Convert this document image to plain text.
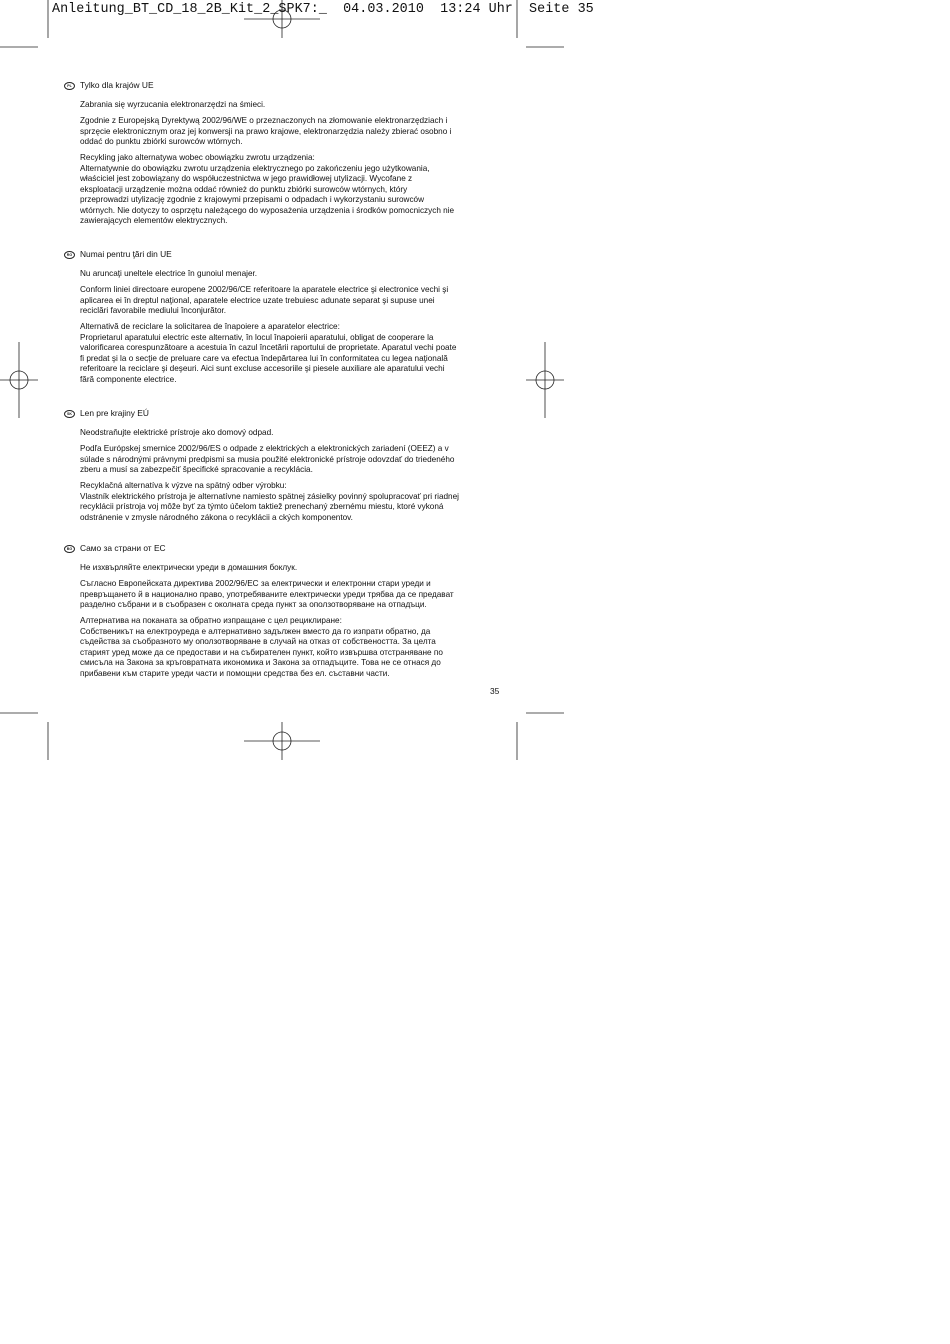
Anleitung_BT_CD_18_2B_Kit_2_SPK7:_  04.03.2010  13:24 Uhr  Seite 35
PL Tylko dla krajów UE

Zabrania się wyrzucania elektronarzędzi na śmieci.

Zgodnie z Europejską Dyrektywą 2002/96/WE o przeznaczonych na złomowanie elektronarzędziach i
sprzęcie elektronicznym oraz jej konwersji na prawo krajowe, elektronarzędzia należy zbierać osobno i
oddać do punktu zbiórki surowców wtórnych.

Recykling jako alternatywa wobec obowiązku zwrotu urządzenia:
Alternatywnie do obowiązku zwrotu urządzenia elektrycznego po zakończeniu jego użytkowania,
właściciel jest zobowiązany do współuczestnictwa w jego prawidłowej utylizacji. Wycofane z
eksploatacji urządzenie można oddać również do punktu zbiórki surowców wtórnych, który
przeprowadzi utylizację zgodnie z krajowymi przepisami o odpadach i wykorzystaniu surowców
wtórnych. Nie dotyczy to osprzętu należącego do wyposażenia urządzenia i środków pomocniczych nie
zawierających elementów elektrycznych.

RO Numai pentru ţări din UE

Nu aruncaţi uneltele electrice în gunoiul menajer.

Conform liniei directoare europene 2002/96/CE referitoare la aparatele electrice şi electronice vechi şi
aplicarea ei în dreptul naţional, aparatele electrice uzate trebuiesc adunate separat şi supuse unei
reciclări favorabile mediului înconjurător.

Alternativă de reciclare la solicitarea de înapoiere a aparatelor electrice:
Proprietarul aparatului electric este alternativ, în locul înapoierii aparatului, obligat de cooperare la
valorificarea corespunzătoare a acestuia în cazul încetării raportului de proprietate. Aparatul vechi poate
fi predat şi la o secţie de preluare care va efectua îndepărtarea lui în conformitatea cu legea naţională
referitoare la reciclare şi deşeuri. Aici sunt excluse accesoriile şi piesele auxiliare ale aparatului vechi
fără componente electrice.

SK Len pre krajiny EÚ

Neodstraňujte elektrické prístroje ako domový odpad.

Podľa Európskej smernice 2002/96/ES o odpade z elektrických a elektronických zariadení (OEEZ) a v
súlade s národnými právnymi predpismi sa musia použité elektronické prístroje odovzdať do triedeného
zberu a musí sa zabezpečiť špecifické spracovanie a recyklácia.

Recyklačná alternatíva k výzve na spätný odber výrobku:
Vlastník elektrického prístroja je alternatívne namiesto spätnej zásielky povinný spolupracovať pri riadnej
recyklácii prístroja voj môže byť za týmto účelom taktiež prenechaný zbernému miestu, ktoré vykoná
odstránenie v zmysle národného zákona o recyklácii a ckých komponentov.

BG Само за страни от ЕС

Не изхвърляйте електрически уреди в домашния боклук.

Съгласно Европейската директива 2002/96/ЕС за електрически и електронни стари уреди и
превръщането й в национално право, употребяваните електрически уреди трябва да се предават
разделно събрани и в съобразен с околната среда пункт за оползотворяване на отпадъци.

Алтернатива на поканата за обратно изпращане с цел рециклиране:
Собственикът на електроуреда е алтернативно задължен вместо да го изпрати обратно, да
съдейства за съобразното му оползотворяване в случай на отказ от собствеността. За целта
старият уред може да се предостави и на събирателен пункт, който извършва отстраняване по
смисъла на Закона за кръговратната икономика и Закона за отпадъците. Това не се отнася до
прибавени към старите уреди части и помощни средства без ел. съставни части.

35
